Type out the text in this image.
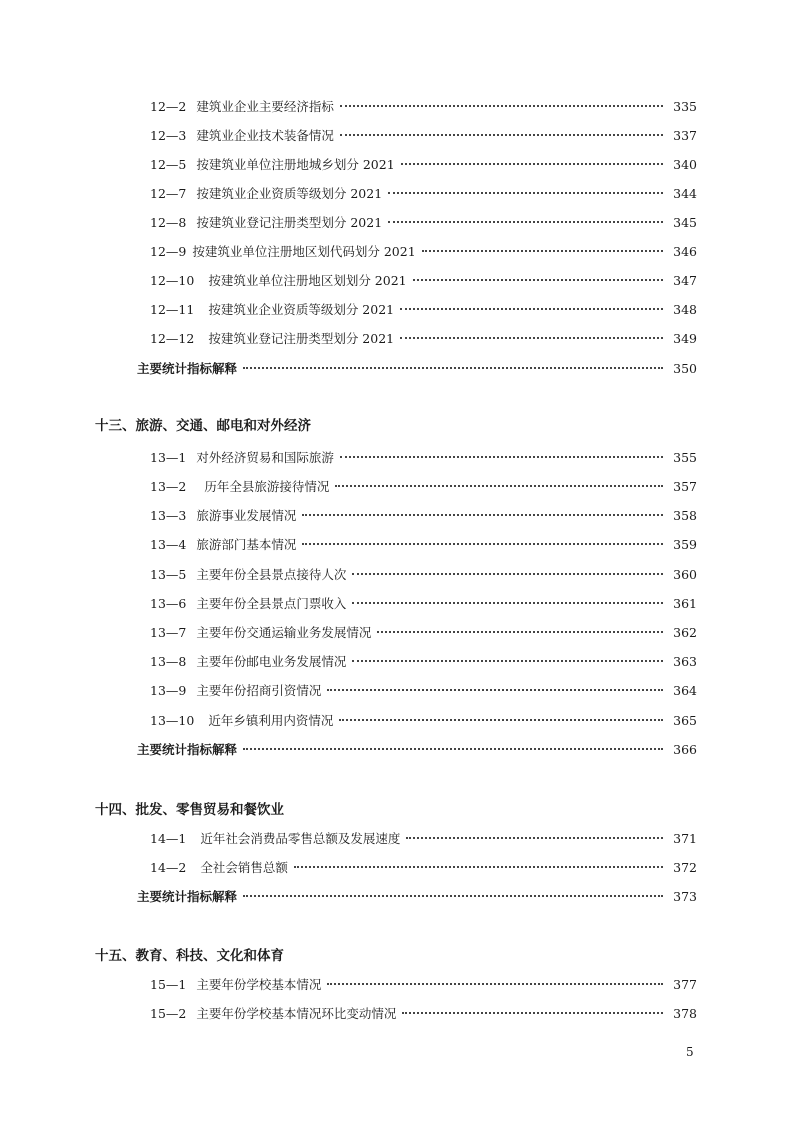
12—2 建筑业企业主要经济指标	335
12—3 建筑业企业技术装备情况	337
12—5 按建筑业单位注册地城乡划分 2021	340
12—7 按建筑业企业资质等级划分 2021	344
12—8 按建筑业登记注册类型划分 2021	345
12—9 按建筑业单位注册地区划代码划分 2021	346
12—10 按建筑业单位注册地区划划分 2021	347
12—11 按建筑业企业资质等级划分 2021	348
12—12 按建筑业登记注册类型划分 2021	349
主要统计指标解释	350
十三、旅游、交通、邮电和对外经济
13—1 对外经济贸易和国际旅游	355
13—2 历年全县旅游接待情况	357
13—3 旅游事业发展情况	358
13—4 旅游部门基本情况	359
13—5 主要年份全县景点接待人次	360
13—6 主要年份全县景点门票收入	361
13—7 主要年份交通运输业务发展情况	362
13—8 主要年份邮电业务发展情况	363
13—9 主要年份招商引资情况	364
13—10 近年乡镇利用内资情况	365
主要统计指标解释	366
十四、批发、零售贸易和餐饮业
14—1 近年社会消费品零售总额及发展速度	371
14—2 全社会销售总额	372
主要统计指标解释	373
十五、教育、科技、文化和体育
15—1 主要年份学校基本情况	377
15—2 主要年份学校基本情况环比变动情况	378
5
